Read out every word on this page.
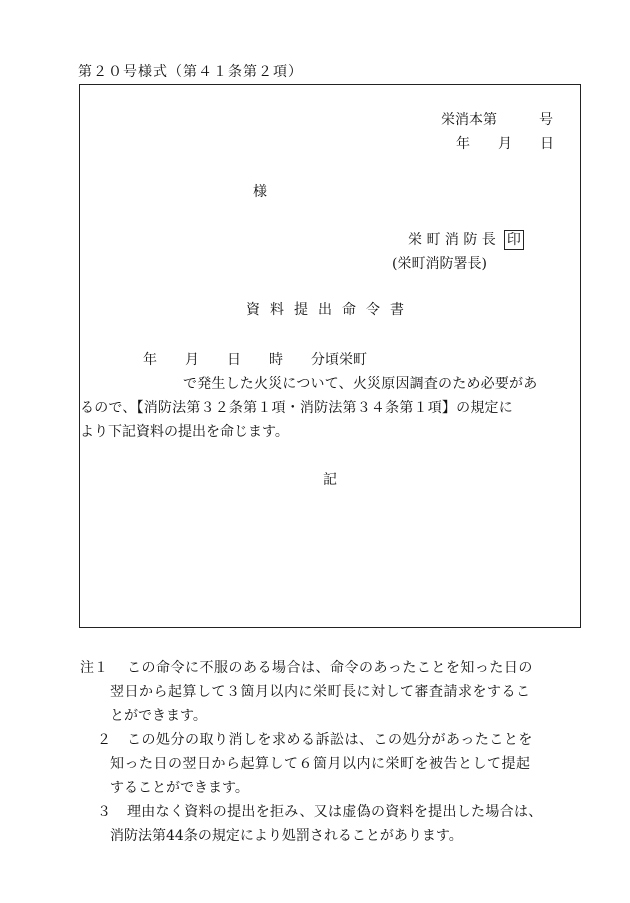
第２０号様式（第４１条第２項）
栄消本第　　　号
年　　月　　日
様
栄 町 消 防 長 印
(栄町消防署長)
資料提出命令書
年　　月　　日　　時　　分頃栄町
で発生した火災について、火災原因調査のため必要があ
るので、【消防法第３２条第１項・消防法第３４条第１項】の規定に
より下記資料の提出を命じます。
記
注１ この命令に不服のある場合は、命令のあったことを知った日の
翌日から起算して３箇月以内に栄町長に対して審査請求をするこ
とができます。
２ この処分の取り消しを求める訴訟は、この処分があったことを
知った日の翌日から起算して６箇月以内に栄町を被告として提起
することができます。
３ 理由なく資料の提出を拒み、又は虚偽の資料を提出した場合は、
消防法第44条の規定により処罰されることがあります。
